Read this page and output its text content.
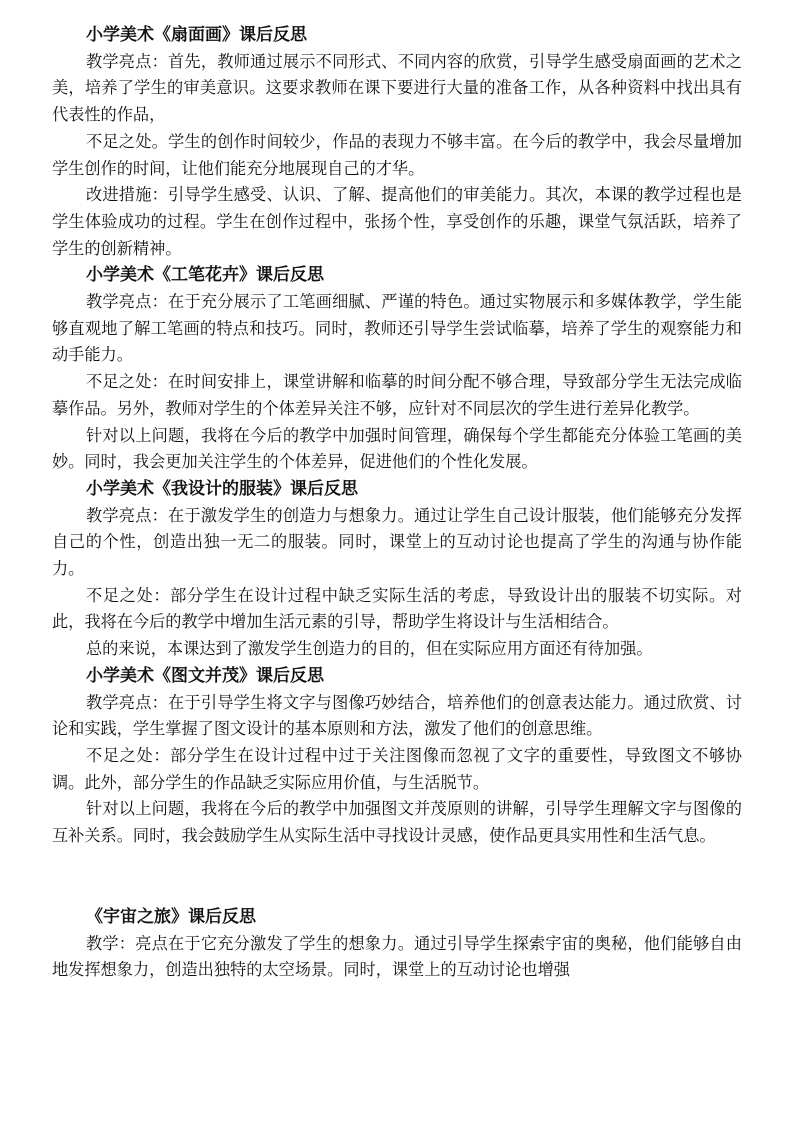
小学美术《扇面画》课后反思

教学亮点：首先，教师通过展示不同形式、不同内容的欣赏，引导学生感受扇面画的艺术之美，培养了学生的审美意识。这要求教师在课下要进行大量的准备工作，从各种资料中找出具有代表性的作品，

不足之处。学生的创作时间较少，作品的表现力不够丰富。在今后的教学中，我会尽量增加学生创作的时间，让他们能充分地展现自己的才华。

改进措施：引导学生感受、认识、了解、提高他们的审美能力。其次，本课的教学过程也是学生体验成功的过程。学生在创作过程中，张扬个性，享受创作的乐趣，课堂气氛活跃，培养了学生的创新精神。

小学美术《工笔花卉》课后反思

教学亮点：在于充分展示了工笔画细腻、严谨的特色。通过实物展示和多媒体教学，学生能够直观地了解工笔画的特点和技巧。同时，教师还引导学生尝试临摹，培养了学生的观察能力和动手能力。

不足之处：在时间安排上，课堂讲解和临摹的时间分配不够合理，导致部分学生无法完成临摹作品。另外，教师对学生的个体差异关注不够，应针对不同层次的学生进行差异化教学。

针对以上问题，我将在今后的教学中加强时间管理，确保每个学生都能充分体验工笔画的美妙。同时，我会更加关注学生的个体差异，促进他们的个性化发展。

小学美术《我设计的服装》课后反思

教学亮点：在于激发学生的创造力与想象力。通过让学生自己设计服装，他们能够充分发挥自己的个性，创造出独一无二的服装。同时，课堂上的互动讨论也提高了学生的沟通与协作能力。

不足之处：部分学生在设计过程中缺乏实际生活的考虑，导致设计出的服装不切实际。对此，我将在今后的教学中增加生活元素的引导，帮助学生将设计与生活相结合。

总的来说，本课达到了激发学生创造力的目的，但在实际应用方面还有待加强。

小学美术《图文并茂》课后反思

教学亮点：在于引导学生将文字与图像巧妙结合，培养他们的创意表达能力。通过欣赏、讨论和实践，学生掌握了图文设计的基本原则和方法，激发了他们的创意思维。

不足之处：部分学生在设计过程中过于关注图像而忽视了文字的重要性，导致图文不够协调。此外，部分学生的作品缺乏实际应用价值，与生活脱节。

针对以上问题，我将在今后的教学中加强图文并茂原则的讲解，引导学生理解文字与图像的互补关系。同时，我会鼓励学生从实际生活中寻找设计灵感，使作品更具实用性和生活气息。

《宇宙之旅》课后反思

教学：亮点在于它充分激发了学生的想象力。通过引导学生探索宇宙的奥秘，他们能够自由地发挥想象力，创造出独特的太空场景。同时，课堂上的互动讨论也增强
